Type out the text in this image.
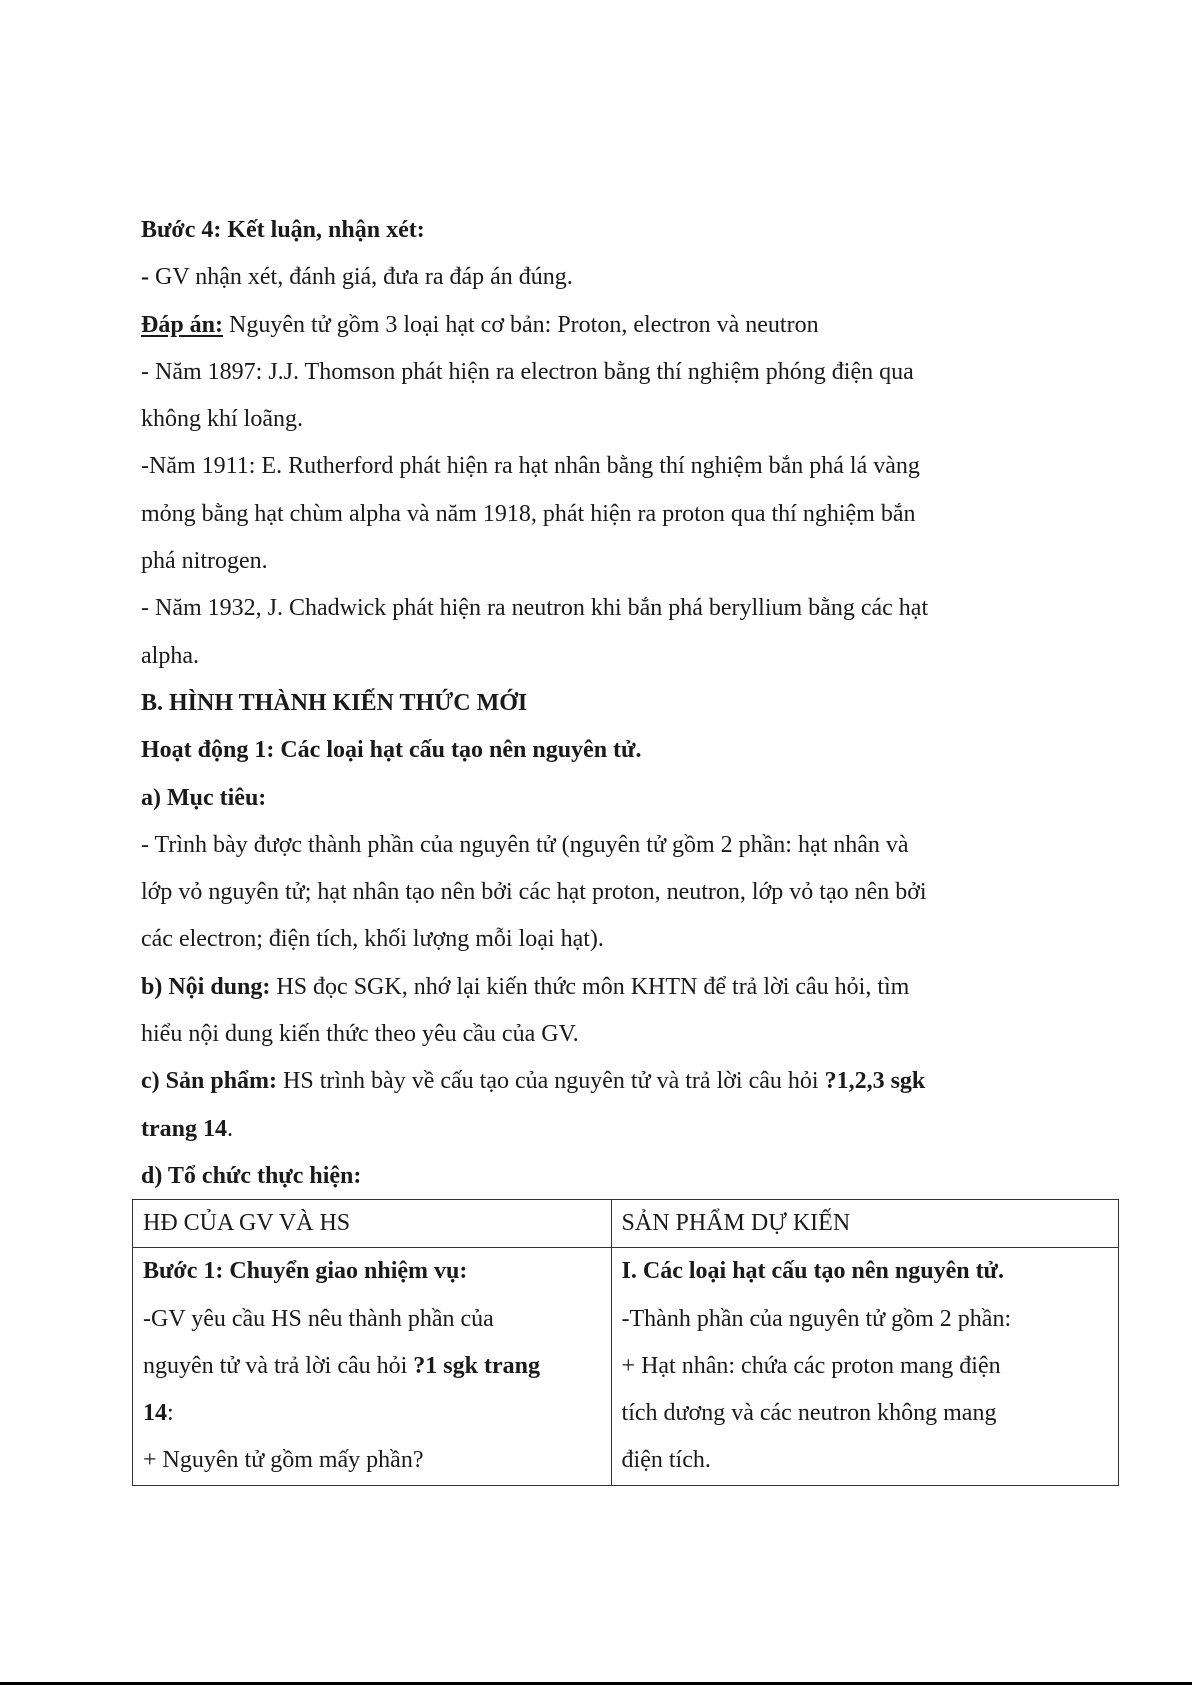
Bước 4: Kết luận, nhận xét:

- GV nhận xét, đánh giá, đưa ra đáp án đúng.

Đáp án: Nguyên tử gồm 3 loại hạt cơ bản: Proton, electron và neutron

- Năm 1897: J.J. Thomson phát hiện ra electron bằng thí nghiệm phóng điện qua

không khí loãng.

-Năm 1911: E. Rutherford phát hiện ra hạt nhân bằng thí nghiệm bắn phá lá vàng

mỏng bằng hạt chùm alpha và năm 1918, phát hiện ra proton qua thí nghiệm bắn

phá nitrogen.

- Năm 1932, J. Chadwick phát hiện ra neutron khi bắn phá beryllium bằng các hạt

alpha.

B. HÌNH THÀNH KIẾN THỨC MỚI

Hoạt động 1: Các loại hạt cấu tạo nên nguyên tử.

a) Mục tiêu:

- Trình bày được thành phần của nguyên tử (nguyên tử gồm 2 phần: hạt nhân và

lớp vỏ nguyên tử; hạt nhân tạo nên bởi các hạt proton, neutron, lớp vỏ tạo nên bởi

các electron; điện tích, khối lượng mỗi loại hạt).

b) Nội dung: HS đọc SGK, nhớ lại kiến thức môn KHTN để trả lời câu hỏi, tìm

hiểu nội dung kiến thức theo yêu cầu của GV.

c) Sản phẩm: HS trình bày về cấu tạo của nguyên tử và trả lời câu hỏi ?1,2,3 sgk

trang 14.

d) Tổ chức thực hiện:

HĐ CỦA GV VÀ HS	SẢN PHẨM DỰ KIẾN

Bước 1: Chuyển giao nhiệm vụ:
-GV yêu cầu HS nêu thành phần của
nguyên tử và trả lời câu hỏi ?1 sgk trang
14:
+ Nguyên tử gồm mấy phần?	I. Các loại hạt cấu tạo nên nguyên tử.
-Thành phần của nguyên tử gồm 2 phần:
+ Hạt nhân: chứa các proton mang điện
tích dương và các neutron không mang
điện tích.
